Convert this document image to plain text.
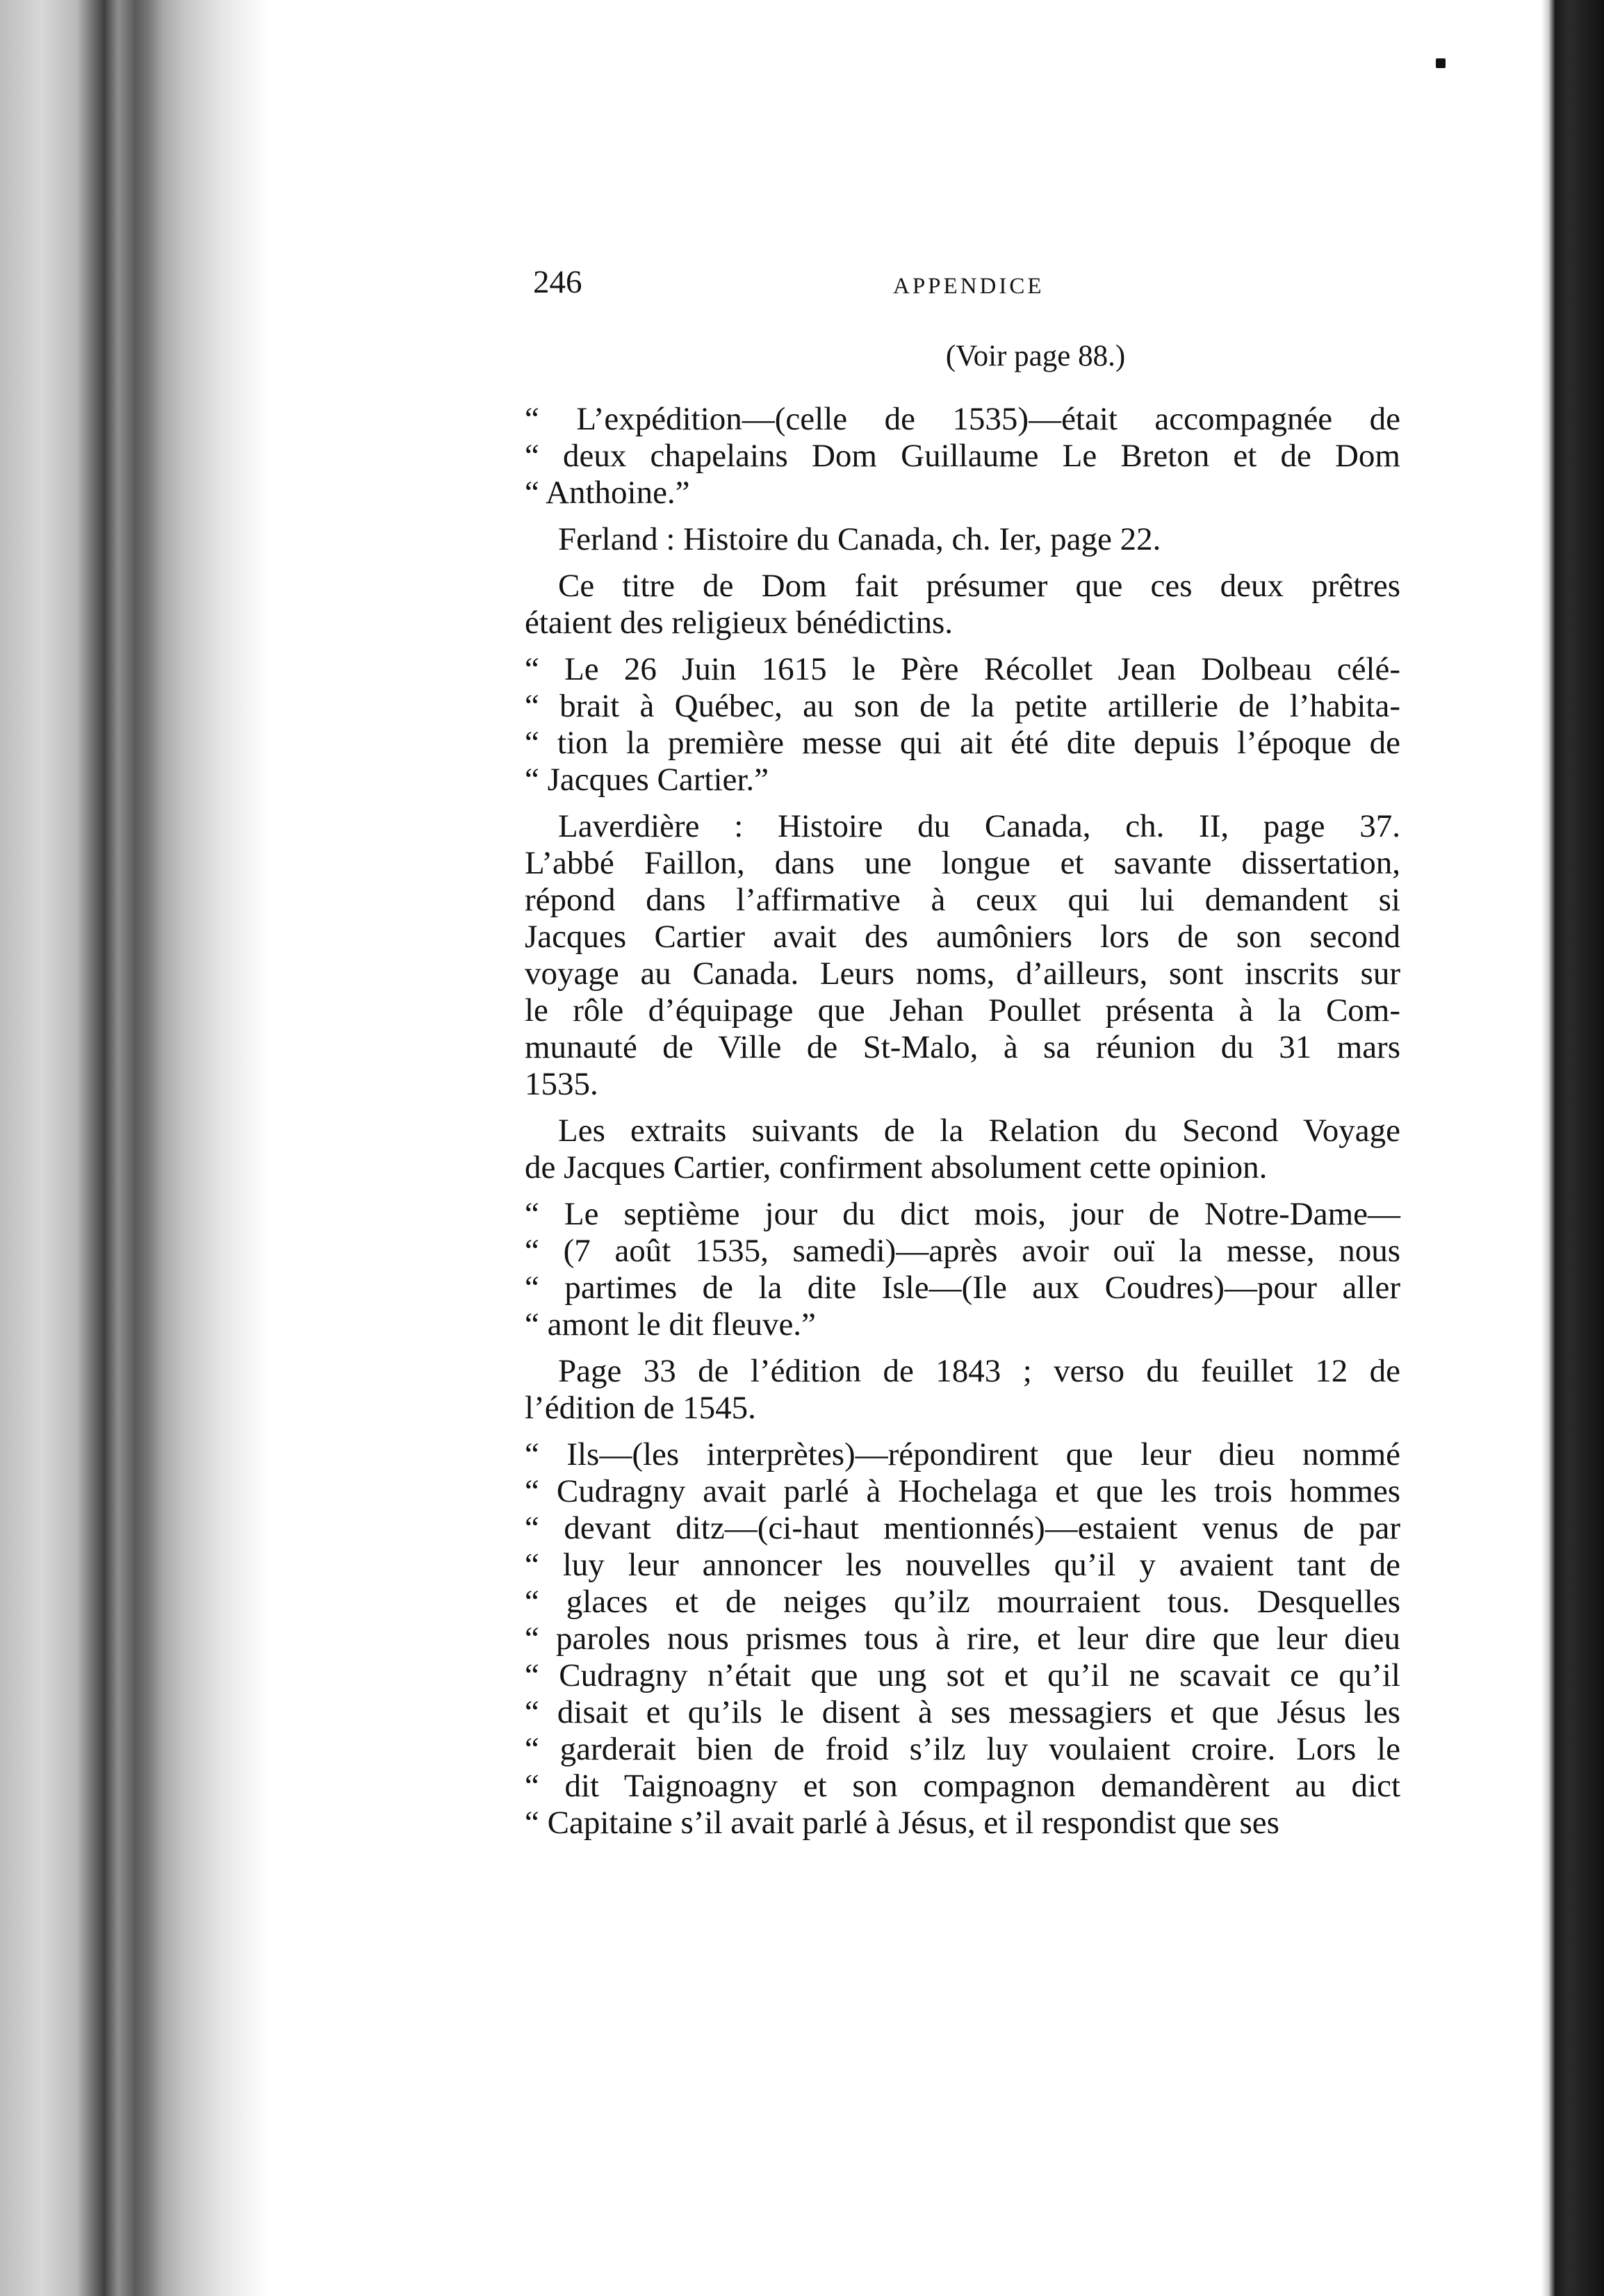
246	APPENDICE
(Voir page 88.)
“ L’expédition—(celle de 1535)—était accompagnée de
“ deux chapelains Dom Guillaume Le Breton et de Dom
“ Anthoine.”
Ferland : Histoire du Canada, ch. Ier, page 22.
Ce titre de Dom fait présumer que ces deux prêtres
étaient des religieux bénédictins.
“ Le 26 Juin 1615 le Père Récollet Jean Dolbeau célé-
“ brait à Québec, au son de la petite artillerie de l’habita-
“ tion la première messe qui ait été dite depuis l’époque de
“ Jacques Cartier.”
Laverdière : Histoire du Canada, ch. II, page 37.
L’abbé Faillon, dans une longue et savante dissertation,
répond dans l’affirmative à ceux qui lui demandent si
Jacques Cartier avait des aumôniers lors de son second
voyage au Canada. Leurs noms, d’ailleurs, sont inscrits sur
le rôle d’équipage que Jehan Poullet présenta à la Com-
munauté de Ville de St-Malo, à sa réunion du 31 mars
1535.
Les extraits suivants de la Relation du Second Voyage
de Jacques Cartier, confirment absolument cette opinion.
“ Le septième jour du dict mois, jour de Notre-Dame—
“ (7 août 1535, samedi)—après avoir ouï la messe, nous
“ partimes de la dite Isle—(Ile aux Coudres)—pour aller
“ amont le dit fleuve.”
Page 33 de l’édition de 1843 ; verso du feuillet 12 de
l’édition de 1545.
“ Ils—(les interprètes)—répondirent que leur dieu nommé
“ Cudragny avait parlé à Hochelaga et que les trois hommes
“ devant ditz—(ci-haut mentionnés)—estaient venus de par
“ luy leur annoncer les nouvelles qu’il y avaient tant de
“ glaces et de neiges qu’ilz mourraient tous. Desquelles
“ paroles nous prismes tous à rire, et leur dire que leur dieu
“ Cudragny n’était que ung sot et qu’il ne scavait ce qu’il
“ disait et qu’ils le disent à ses messagiers et que Jésus les
“ garderait bien de froid s’ilz luy voulaient croire. Lors le
“ dit Taignoagny et son compagnon demandèrent au dict
“ Capitaine s’il avait parlé à Jésus, et il respondist que ses
